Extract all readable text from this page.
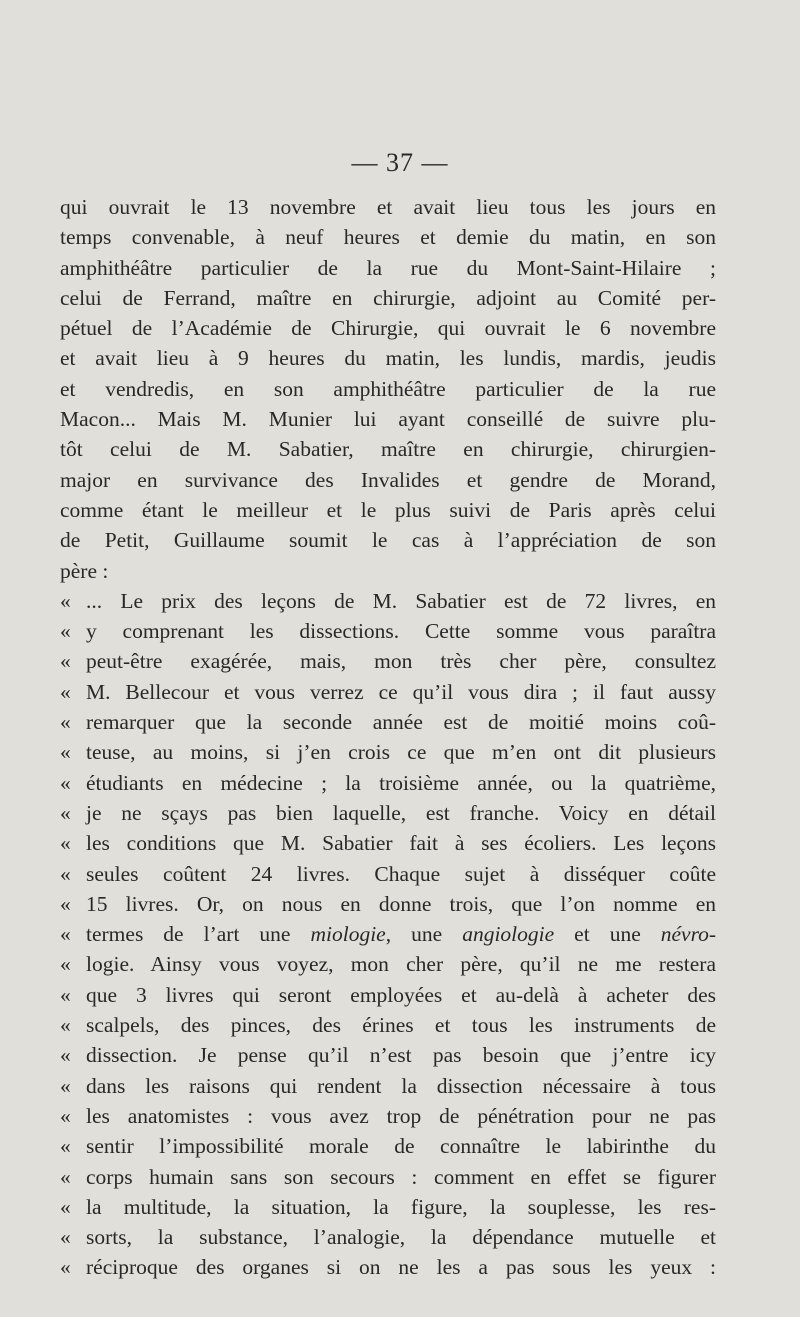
— 37 —
qui ouvrait le 13 novembre et avait lieu tous les jours en
temps convenable, à neuf heures et demie du matin, en son
amphithéâtre particulier de la rue du Mont-Saint-Hilaire ;
celui de Ferrand, maître en chirurgie, adjoint au Comité per-
pétuel de l’Académie de Chirurgie, qui ouvrait le 6 novembre
et avait lieu à 9 heures du matin, les lundis, mardis, jeudis
et vendredis, en son amphithéâtre particulier de la rue
Macon... Mais M. Munier lui ayant conseillé de suivre plu-
tôt celui de M. Sabatier, maître en chirurgie, chirurgien-
major en survivance des Invalides et gendre de Morand,
comme étant le meilleur et le plus suivi de Paris après celui
de Petit, Guillaume soumit le cas à l’appréciation de son
père :
« ... Le prix des leçons de M. Sabatier est de 72 livres, en
« y comprenant les dissections. Cette somme vous paraîtra
« peut-être exagérée, mais, mon très cher père, consultez
« M. Bellecour et vous verrez ce qu’il vous dira ; il faut aussy
« remarquer que la seconde année est de moitié moins coû-
« teuse, au moins, si j’en crois ce que m’en ont dit plusieurs
« étudiants en médecine ; la troisième année, ou la quatrième,
« je ne sçays pas bien laquelle, est franche. Voicy en détail
« les conditions que M. Sabatier fait à ses écoliers. Les leçons
« seules coûtent 24 livres. Chaque sujet à disséquer coûte
« 15 livres. Or, on nous en donne trois, que l’on nomme en
« termes de l’art une miologie, une angiologie et une névro-
« logie. Ainsy vous voyez, mon cher père, qu’il ne me restera
« que 3 livres qui seront employées et au-delà à acheter des
« scalpels, des pinces, des érines et tous les instruments de
« dissection. Je pense qu’il n’est pas besoin que j’entre icy
« dans les raisons qui rendent la dissection nécessaire à tous
« les anatomistes : vous avez trop de pénétration pour ne pas
« sentir l’impossibilité morale de connaître le labirinthe du
« corps humain sans son secours : comment en effet se figurer
« la multitude, la situation, la figure, la souplesse, les res-
« sorts, la substance, l’analogie, la dépendance mutuelle et
« réciproque des organes si on ne les a pas sous les yeux :
